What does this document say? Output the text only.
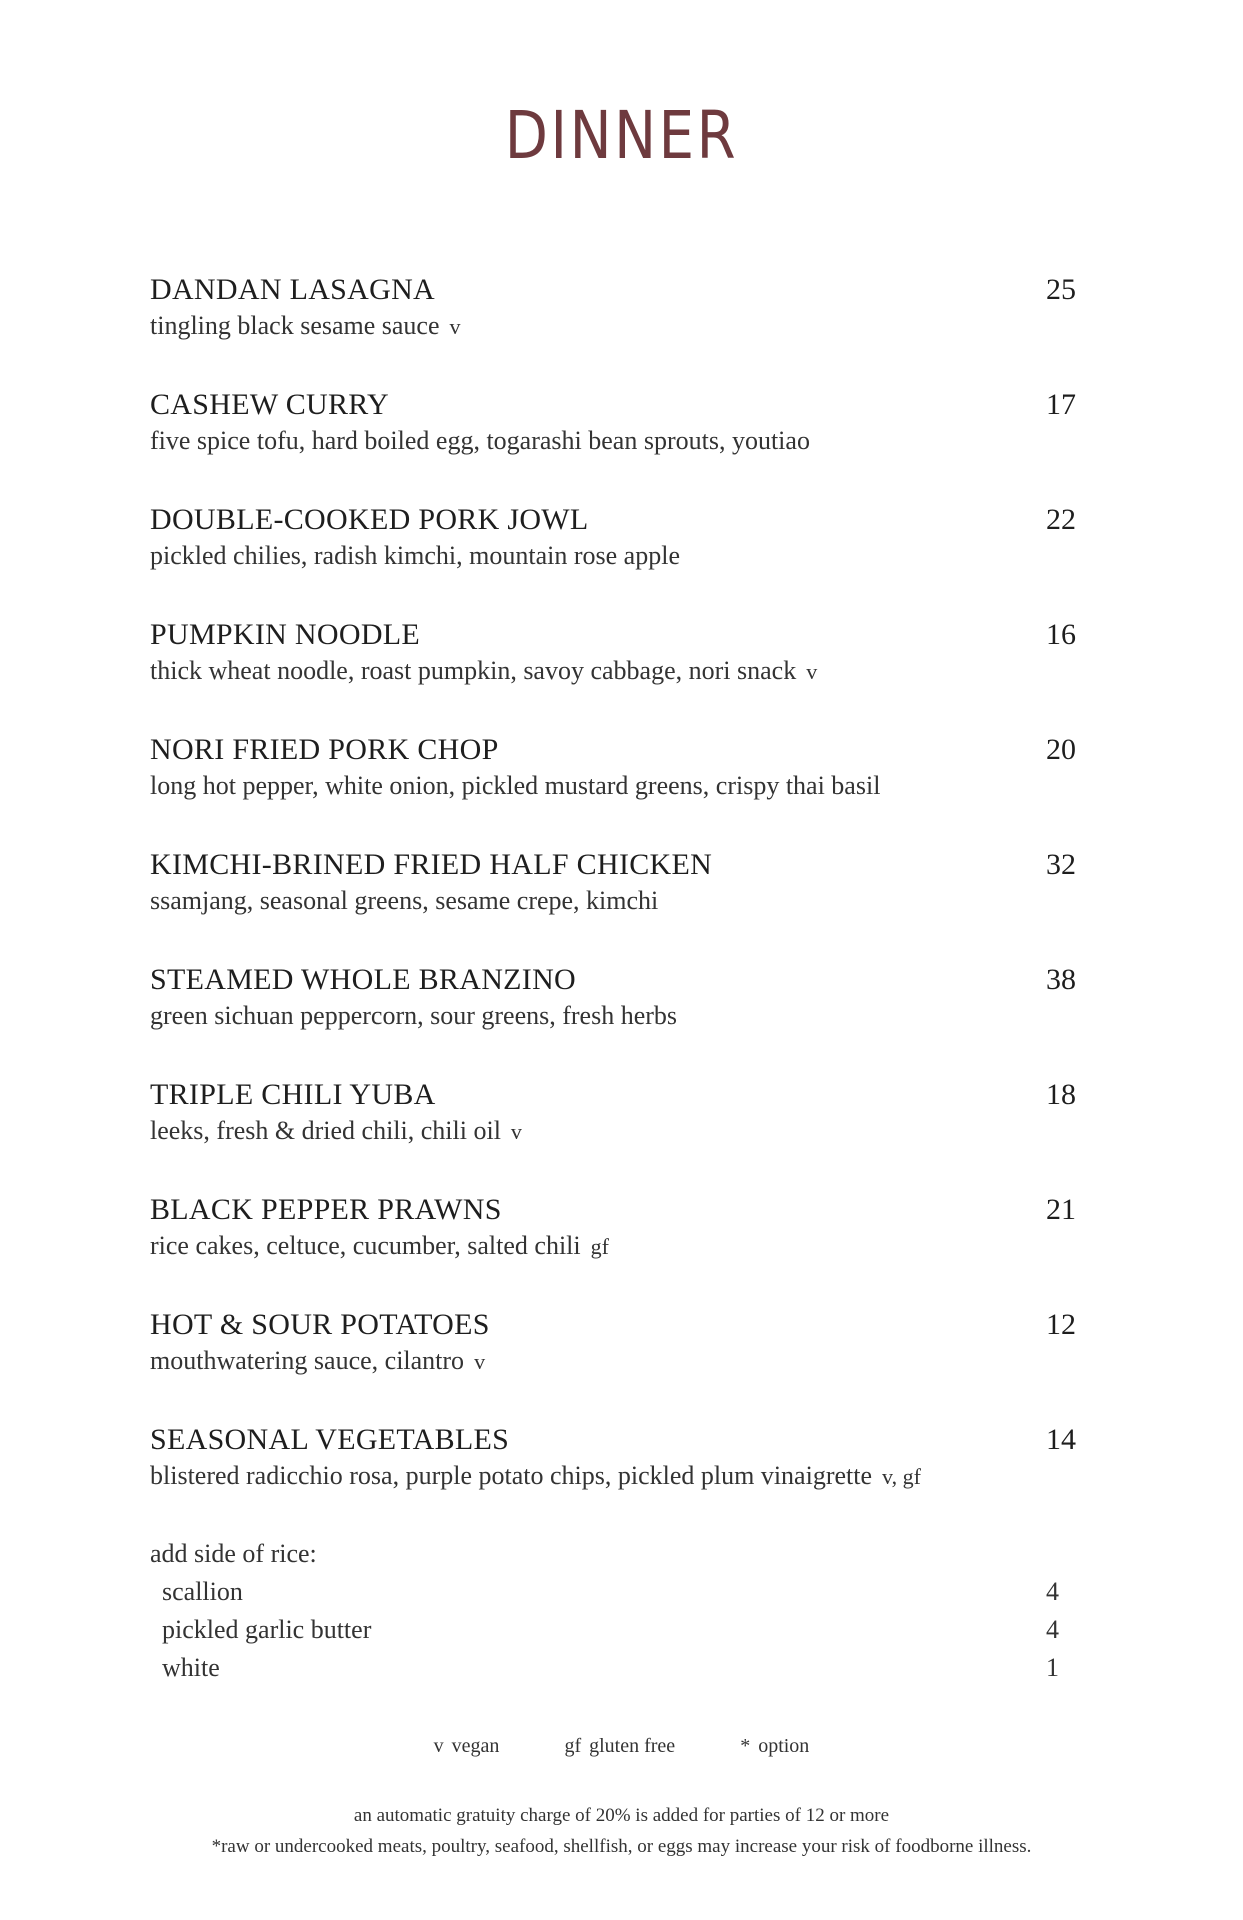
DINNER
DANDAN LASAGNA	25
tingling black sesame sauce v
CASHEW CURRY	17
five spice tofu, hard boiled egg, togarashi bean sprouts, youtiao
DOUBLE-COOKED PORK JOWL	22
pickled chilies, radish kimchi, mountain rose apple
PUMPKIN NOODLE	16
thick wheat noodle, roast pumpkin, savoy cabbage, nori snack v
NORI FRIED PORK CHOP	20
long hot pepper, white onion, pickled mustard greens, crispy thai basil
KIMCHI-BRINED FRIED HALF CHICKEN	32
ssamjang, seasonal greens, sesame crepe, kimchi
STEAMED WHOLE BRANZINO	38
green sichuan peppercorn, sour greens, fresh herbs
TRIPLE CHILI YUBA	18
leeks, fresh & dried chili, chili oil v
BLACK PEPPER PRAWNS	21
rice cakes, celtuce, cucumber, salted chili gf
HOT & SOUR POTATOES	12
mouthwatering sauce, cilantro v
SEASONAL VEGETABLES	14
blistered radicchio rosa, purple potato chips, pickled plum vinaigrette v, gf
add side of rice:
scallion	4
pickled garlic butter	4
white	1
v vegan	gf gluten free	* option
an automatic gratuity charge of 20% is added for parties of 12 or more
*raw or undercooked meats, poultry, seafood, shellfish, or eggs may increase your risk of foodborne illness.
